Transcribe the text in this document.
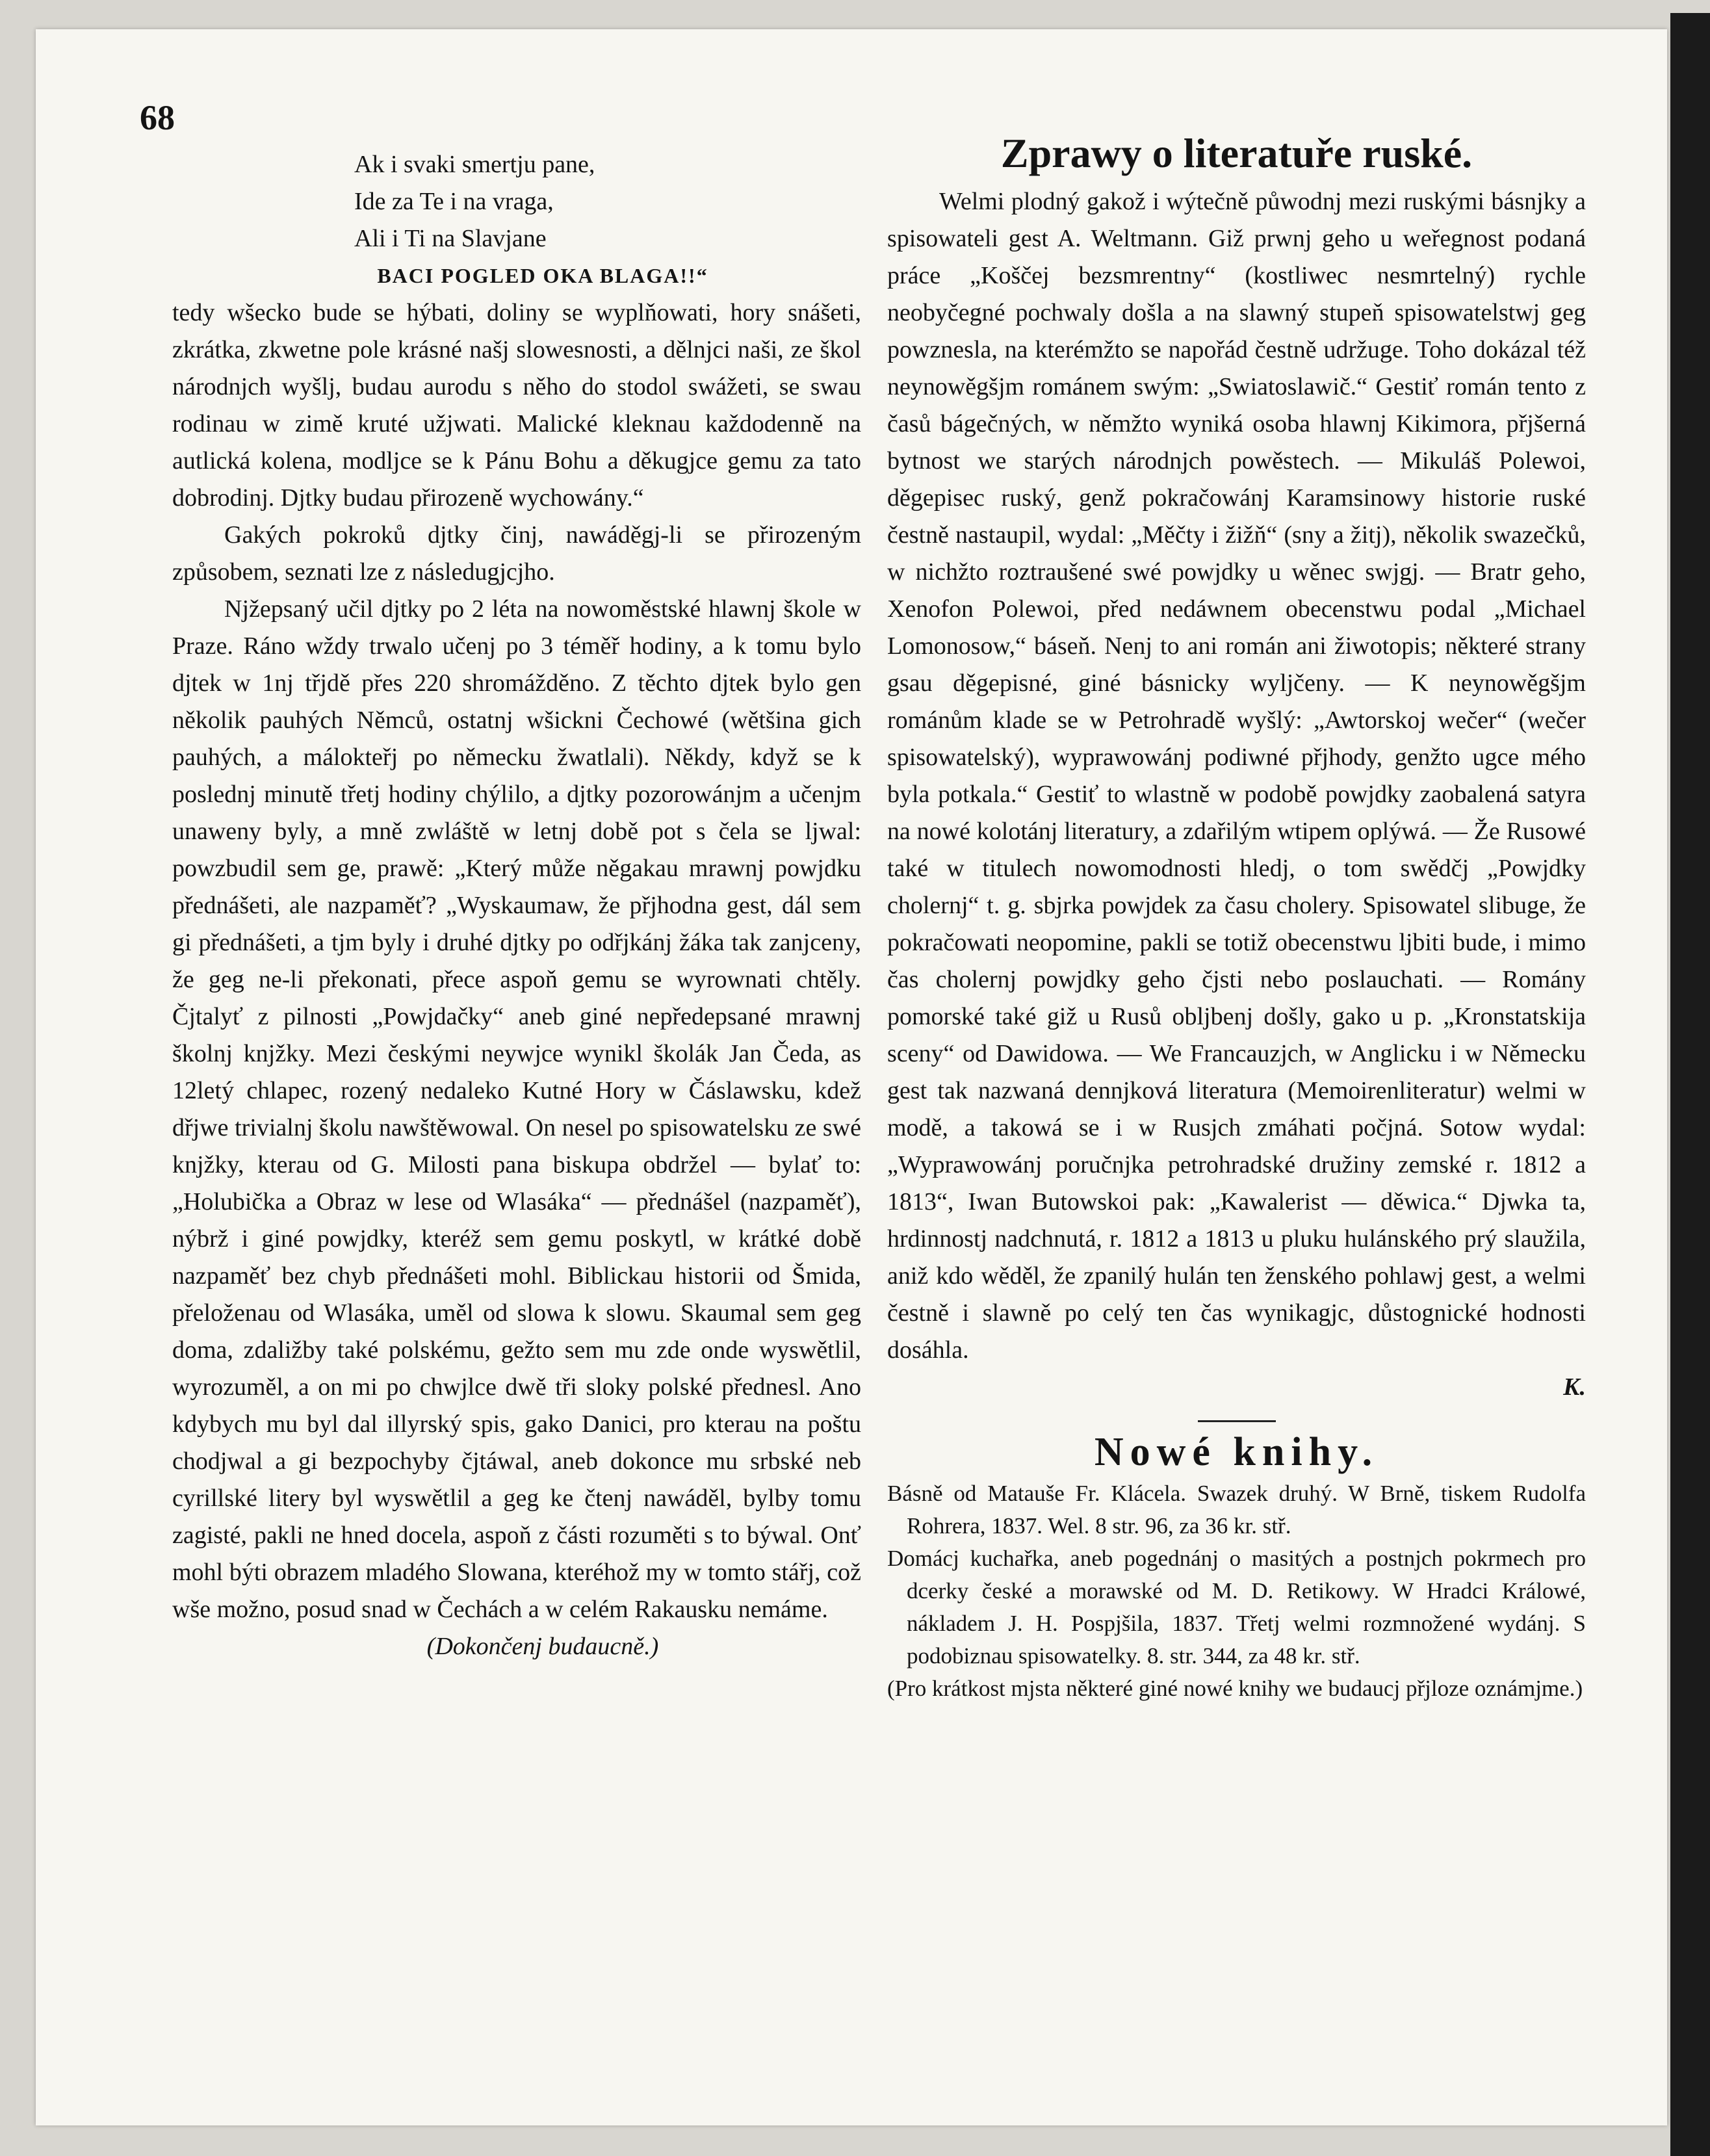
68
Ak i svaki smertju pane,
Ide za Te i na vraga,
Ali i Ti na Slavjane

BACI POGLED OKA BLAGA!!“

tedy wšecko bude se hýbati, doliny se wyplňowati, hory snášeti, zkrátka, zkwetne pole krásné našj slowesnosti, a dělnjci naši, ze škol národnjch wyšlj, budau aurodu s něho do stodol swážeti, se swau rodinau w zimě kruté užjwati. Malické kleknau každodenně na autlická kolena, modljce se k Pánu Bohu a děkugjce gemu za tato dobrodinj. Djtky budau přirozeně wychowány.“

Gakých pokroků djtky činj, nawáděgj-li se přirozeným způsobem, seznati lze z následugjcjho.

Njžepsaný učil djtky po 2 léta na nowoměstské hlawnj škole w Praze. Ráno wždy trwalo učenj po 3 téměř hodiny, a k tomu bylo djtek w 1nj třjdě přes 220 shromážděno. Z těchto djtek bylo gen několik pauhých Němců, ostatnj wšickni Čechowé (wětšina gich pauhých, a málokteřj po německu žwatlali). Někdy, když se k poslednj minutě třetj hodiny chýlilo, a djtky pozorowánjm a učenjm unaweny byly, a mně zwláště w letnj době pot s čela se ljwal: powzbudil sem ge, prawě: „Který může něgakau mrawnj powjdku přednášeti, ale nazpaměť? „Wyskaumaw, že přjhodna gest, dál sem gi přednášeti, a tjm byly i druhé djtky po odřjkánj žáka tak zanjceny, že geg ne-li překonati, přece aspoň gemu se wyrownati chtěly. Čjtalyť z pilnosti „Powjdačky“ aneb giné nepředepsané mrawnj školnj knjžky. Mezi českými neywjce wynikl školák Jan Čeda, as 12letý chlapec, rozený nedaleko Kutné Hory w Čáslawsku, kdež dřjwe trivialnj školu nawštěwowal. On nesel po spisowatelsku ze swé knjžky, kterau od G. Milosti pana biskupa obdržel — bylať to: „Holubička a Obraz w lese od Wlasáka“ — přednášel (nazpaměť), nýbrž i giné powjdky, kteréž sem gemu poskytl, w krátké době nazpaměť bez chyb přednášeti mohl. Biblickau historii od Šmida, přeloženau od Wlasáka, uměl od slowa k slowu. Skaumal sem geg doma, zdaližby také polskému, gežto sem mu zde onde wyswětlil, wyrozuměl, a on mi po chwjlce dwě tři sloky polské přednesl. Ano kdybych mu byl dal illyrský spis, gako Danici, pro kterau na poštu chodjwal a gi bezpochyby čjtáwal, aneb dokonce mu srbské neb cyrillské litery byl wyswětlil a geg ke čtenj nawáděl, bylby tomu zagisté, pakli ne hned docela, aspoň z části rozuměti s to býwal. Onť mohl býti obrazem mladého Slowana, kteréhož my w tomto stářj, což wše možno, posud snad w Čechách a w celém Rakausku nemáme.

(Dokončenj budaucně.)

Zprawy o literatuře ruské.

Welmi plodný gakož i wýtečně půwodnj mezi ruskými básnjky a spisowateli gest A. Weltmann. Giž prwnj geho u weřegnost podaná práce „Koščej bezsmrentny“ (kostliwec nesmrtelný) rychle neobyčegné pochwaly došla a na slawný stupeň spisowatelstwj geg powznesla, na kterémžto se napořád čestně udržuge. Toho dokázal též neynowěgšjm románem swým: „Swiatoslawič.“ Gestiť román tento z časů bágečných, w němžto wyniká osoba hlawnj Kikimora, přjšerná bytnost we starých národnjch powěstech. — Mikuláš Polewoi, děgepisec ruský, genž pokračowánj Karamsinowy historie ruské čestně nastaupil, wydal: „Měčty i žižň“ (sny a žitj), několik swazečků, w nichžto roztraušené swé powjdky u wěnec swjgj. — Bratr geho, Xenofon Polewoi, před nedáwnem obecenstwu podal „Michael Lomonosow,“ báseň. Nenj to ani román ani žiwotopis; některé strany gsau děgepisné, giné básnicky wyljčeny. — K neynowěgšjm románům klade se w Petrohradě wyšlý: „Awtorskoj wečer“ (wečer spisowatelský), wyprawowánj podiwné přjhody, genžto ugce mého byla potkala.“ Gestiť to wlastně w podobě powjdky zaobalená satyra na nowé kolotánj literatury, a zdařilým wtipem oplýwá. — Že Rusowé také w titulech nowomodnosti hledj, o tom swědčj „Powjdky cholernj“ t. g. sbjrka powjdek za času cholery. Spisowatel slibuge, že pokračowati neopomine, pakli se totiž obecenstwu ljbiti bude, i mimo čas cholernj powjdky geho čjsti nebo poslauchati. — Romány pomorské také giž u Rusů obljbenj došly, gako u p. „Kronstatskija sceny“ od Dawidowa. — We Francauzjch, w Anglicku i w Německu gest tak nazwaná dennjková literatura (Memoirenliteratur) welmi w modě, a takowá se i w Rusjch zmáhati počjná. Sotow wydal: „Wyprawowánj poručnjka petrohradské družiny zemské r. 1812 a 1813“, Iwan Butowskoi pak: „Kawalerist — děwica.“ Djwka ta, hrdinnostj nadchnutá, r. 1812 a 1813 u pluku hulánského prý slaužila, aniž kdo wěděl, že zpanilý hulán ten ženského pohlawj gest, a welmi čestně i slawně po celý ten čas wynikagjc, důstognické hodnosti dosáhla.

K.
Nowé knihy.

Básně od Matauše Fr. Klácela. Swazek druhý. W Brně, tiskem Rudolfa Rohrera, 1837. Wel. 8 str. 96, za 36 kr. stř.

Domácj kuchařka, aneb pogednánj o masitých a postnjch pokrmech pro dcerky české a morawské od M. D. Retikowy. W Hradci Králowé, nákladem J. H. Pospjšila, 1837. Třetj welmi rozmnožené wydánj. S podobiznau spisowatelky. 8. str. 344, za 48 kr. stř.

(Pro krátkost mjsta některé giné nowé knihy we budaucj přjloze oznámjme.)
